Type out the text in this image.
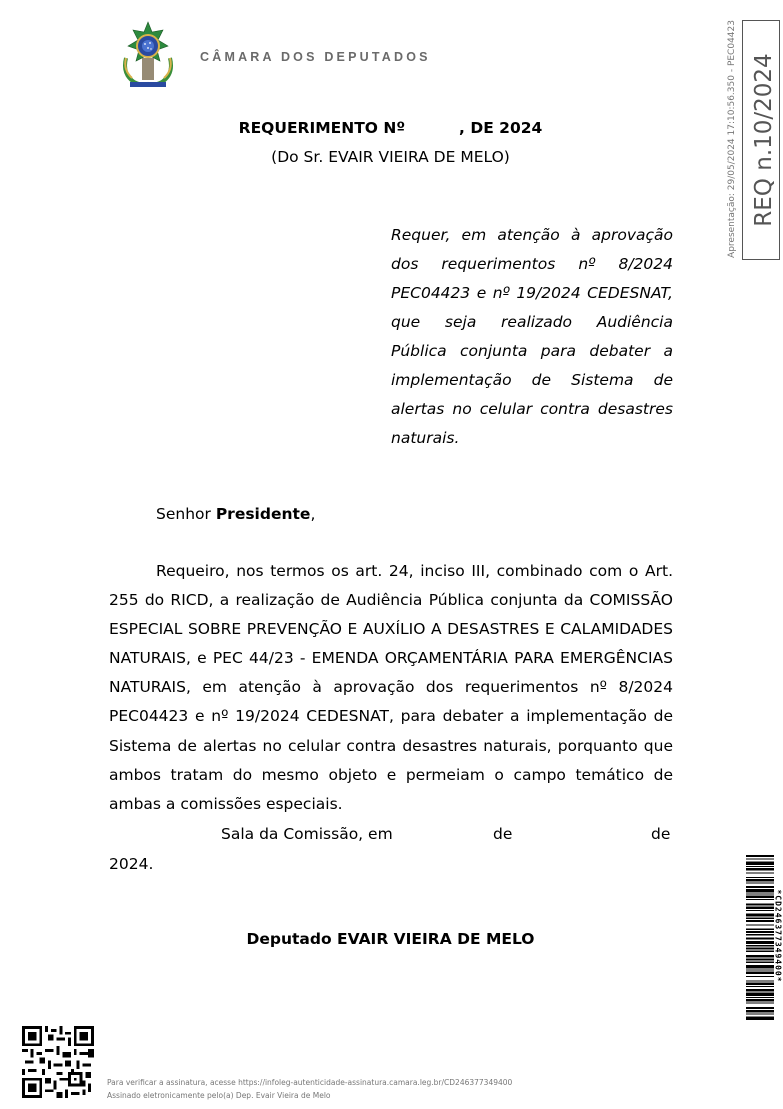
CÂMARA DOS DEPUTADOS	REQ n.10/2024
Apresentação: 29/05/2024 17:10:56.350 - PEC04423
REQUERIMENTO Nº          , DE 2024
(Do Sr. EVAIR VIEIRA DE MELO)
Requer, em atenção à aprovação dos requerimentos nº 8/2024 PEC04423 e nº 19/2024 CEDESNAT, que seja realizado Audiência Pública conjunta para debater a implementação de Sistema de alertas no celular contra desastres naturais.
Senhor Presidente,
Requeiro, nos termos os art. 24, inciso III, combinado com o Art. 255 do RICD, a realização de Audiência Pública conjunta da COMISSÃO ESPECIAL SOBRE PREVENÇÃO E AUXÍLIO A DESASTRES E CALAMIDADES NATURAIS, e PEC 44/23 - EMENDA ORÇAMENTÁRIA PARA EMERGÊNCIAS NATURAIS, em atenção à aprovação dos requerimentos nº 8/2024 PEC04423 e nº 19/2024 CEDESNAT, para debater a implementação de Sistema de alertas no celular contra desastres naturais, porquanto que ambos tratam do mesmo objeto e permeiam o campo temático de ambas a comissões especiais.
Sala da Comissão, em	de	de
2024.
Deputado EVAIR VIEIRA DE MELO
Para verificar a assinatura, acesse https://infoleg-autenticidade-assinatura.camara.leg.br/CD246377349400
Assinado eletronicamente pelo(a) Dep. Evair Vieira de Melo
*CD246377349400*
